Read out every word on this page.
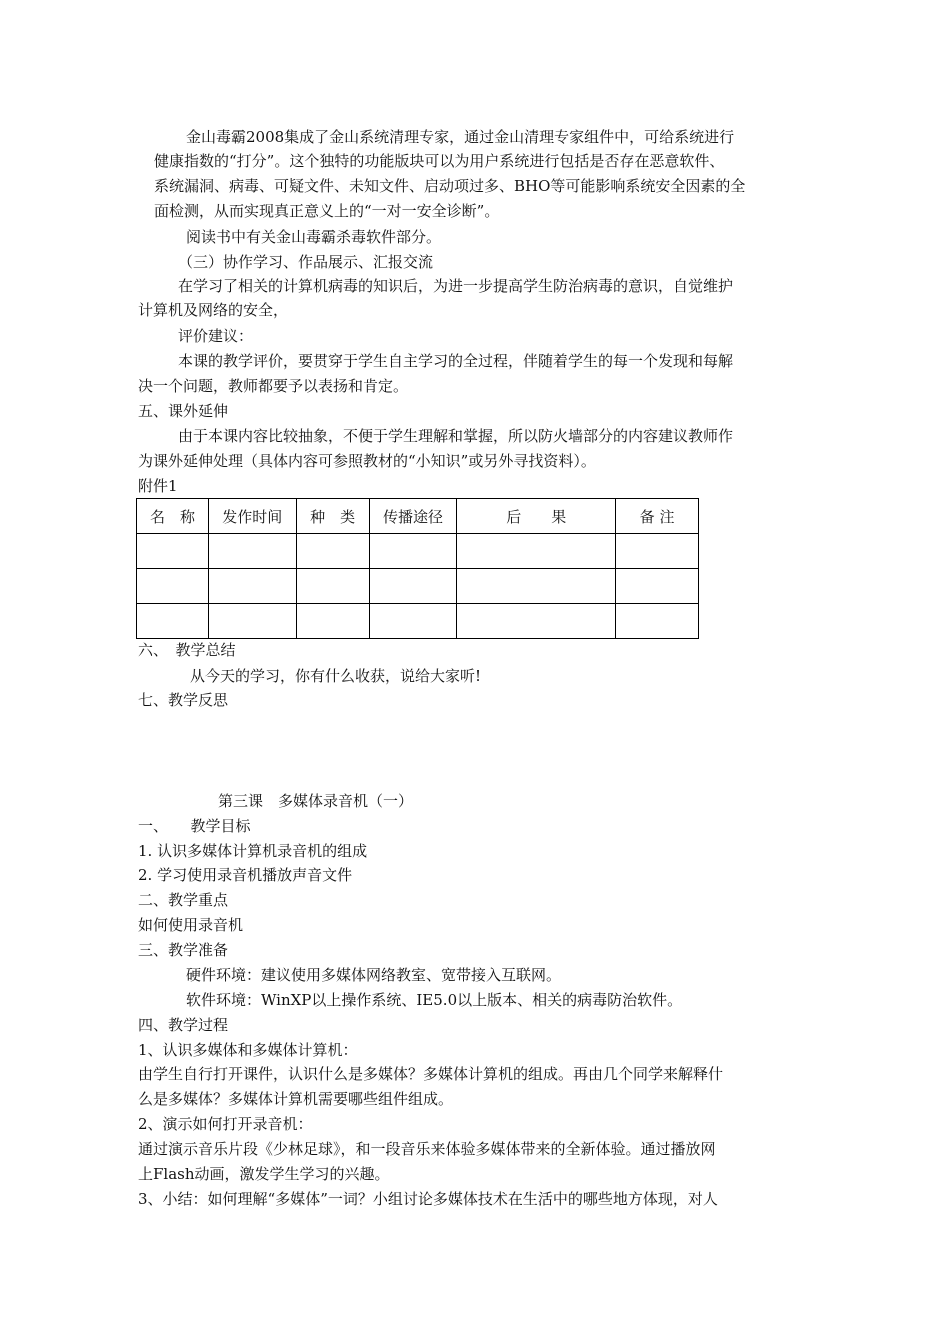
金山毒霸2008集成了金山系统清理专家，通过金山清理专家组件中，可给系统进行

健康指数的“打分”。这个独特的功能版块可以为用户系统进行包括是否存在恶意软件、

系统漏洞、病毒、可疑文件、未知文件、启动项过多、BHO等可能影响系统安全因素的全

面检测，从而实现真正意义上的“一对一安全诊断”。

阅读书中有关金山毒霸杀毒软件部分。

（三）协作学习、作品展示、汇报交流

在学习了相关的计算机病毒的知识后，为进一步提高学生防治病毒的意识，自觉维护

计算机及网络的安全，

评价建议：

本课的教学评价，要贯穿于学生自主学习的全过程，伴随着学生的每一个发现和每解

决一个问题，教师都要予以表扬和肯定。

五、课外延伸

由于本课内容比较抽象，不便于学生理解和掌握，所以防火墙部分的内容建议教师作

为课外延伸处理（具体内容可参照教材的“小知识”或另外寻找资料）。

附件1

名　称	发作时间	种　类	传播途径	后　　果	备 注

六、　教学总结

从今天的学习，你有什么收获，说给大家听!

七、教学反思

第三课　多媒体录音机（一）

一、　　教学目标

1. 认识多媒体计算机录音机的组成

2. 学习使用录音机播放声音文件

二、教学重点

如何使用录音机

三、教学准备

硬件环境：建议使用多媒体网络教室、宽带接入互联网。

软件环境：WinXP以上操作系统、IE5.0以上版本、相关的病毒防治软件。

四、教学过程

1、认识多媒体和多媒体计算机：

由学生自行打开课件，认识什么是多媒体？多媒体计算机的组成。再由几个同学来解释什

么是多媒体？多媒体计算机需要哪些组件组成。

2、演示如何打开录音机：

通过演示音乐片段《少林足球》，和一段音乐来体验多媒体带来的全新体验。通过播放网

上Flash动画，激发学生学习的兴趣。

3、小结：如何理解“多媒体”一词？小组讨论多媒体技术在生活中的哪些地方体现，对人
